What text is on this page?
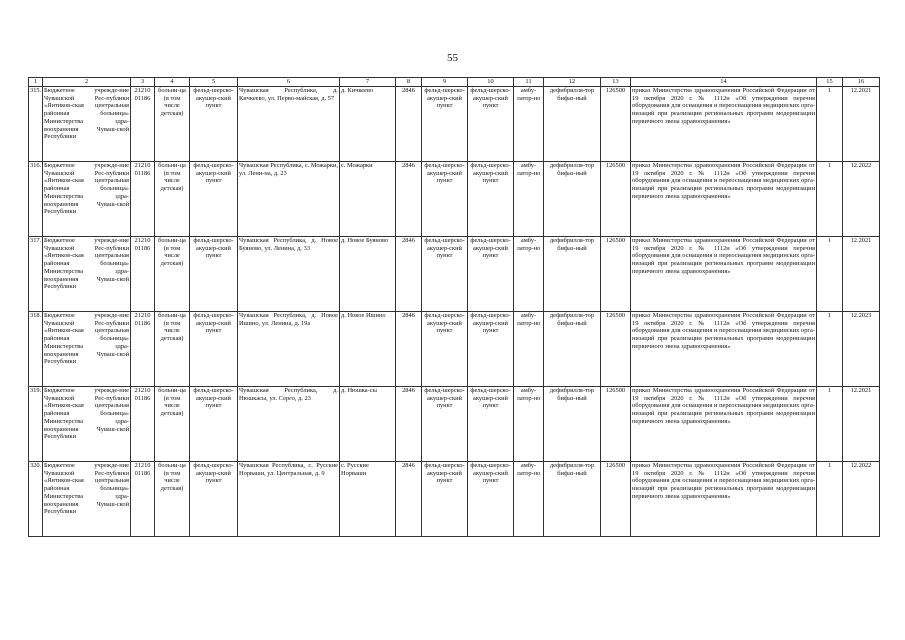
55
1	2	3	4	5	6	7	8	9	10	11	12	13	14	15	16
315.	Бюджетное учрежде-ние Чувашской Рес-публики «Янтиков-ская центральная районная больница» Министерства здра-воохранения Чуваш-ской Республики	21210 01186	больни-ца (в том числе детская)	фельд-шерско-акушер-ский пункт	Чувашская Республика, д. Кичкеево, ул. Перво-майская, д. 57	д. Кичкеево	2846	фельд-шерско-акушер-ский пункт	фельд-шерско-акушер-ский пункт	амбу-латор-но	дефибрилля-тор бифаз-ный	126500	приказ Министерства здравоохранения Российской Федерации от 19 октября 2020 г. № 1112н «Об утверждении перечня оборудования для оснащения и переоснащения медицинских орга-низаций при реализации региональных программ модернизации первичного звена здравоохранения»	1	12.2021
316.	Бюджетное учрежде-ние Чувашской Рес-публики «Янтиков-ская центральная районная больница» Министерства здра-воохранения Чуваш-ской Республики	21210 01186	больни-ца (в том числе детская)	фельд-шерско-акушер-ский пункт	Чувашская Республика, с. Можарки, ул. Лени-на, д. 23	с. Можарки	2846	фельд-шерско-акушер-ский пункт	фельд-шерско-акушер-ский пункт	амбу-латор-но	дефибрилля-тор бифаз-ный	126500	приказ Министерства здравоохранения Российской Федерации от 19 октября 2020 г. № 1112н «Об утверждении перечня оборудования для оснащения и переоснащения медицинских орга-низаций при реализации региональных программ модернизации первичного звена здравоохранения»	1	12.2022
317.	Бюджетное учрежде-ние Чувашской Рес-публики «Янтиков-ская центральная районная больница» Министерства здра-воохранения Чуваш-ской Республики	21210 01186	больни-ца (в том числе детская)	фельд-шерско-акушер-ский пункт	Чувашская Республика, д. Новое Буяново, ул. Ленина, д. 33	д. Новое Буяново	2846	фельд-шерско-акушер-ский пункт	фельд-шерско-акушер-ский пункт	амбу-латор-но	дефибрилля-тор бифаз-ный	126500	приказ Министерства здравоохранения Российской Федерации от 19 октября 2020 г. № 1112н «Об утверждении перечня оборудования для оснащения и переоснащения медицинских орга-низаций при реализации региональных программ модернизации первичного звена здравоохранения»	1	12.2021
318.	Бюджетное учрежде-ние Чувашской Рес-публики «Янтиков-ская центральная районная больница» Министерства здра-воохранения Чуваш-ской Республики	21210 01186	больни-ца (в том числе детская)	фельд-шерско-акушер-ский пункт	Чувашская Республика, д. Новое Ишино, ул. Ленина, д. 19а	д. Новое Ишино	2846	фельд-шерско-акушер-ский пункт	фельд-шерско-акушер-ский пункт	амбу-латор-но	дефибрилля-тор бифаз-ный	126500	приказ Министерства здравоохранения Российской Федерации от 19 октября 2020 г. № 1112н «Об утверждении перечня оборудования для оснащения и переоснащения медицинских орга-низаций при реализации региональных программ модернизации первичного звена здравоохранения»	1	12.2023
319.	Бюджетное учрежде-ние Чувашской Рес-публики «Янтиков-ская центральная районная больница» Министерства здра-воохранения Чуваш-ской Республики	21210 01186	больни-ца (в том числе детская)	фельд-шерско-акушер-ский пункт	Чувашская Республика, д. Нюшкасы, ул. Серго, д. 23	д. Нюшка-сы	2846	фельд-шерско-акушер-ский пункт	фельд-шерско-акушер-ский пункт	амбу-латор-но	дефибрилля-тор бифаз-ный	126500	приказ Министерства здравоохранения Российской Федерации от 19 октября 2020 г. № 1112н «Об утверждении перечня оборудования для оснащения и переоснащения медицинских орга-низаций при реализации региональных программ модернизации первичного звена здравоохранения»	1	12.2021
320.	Бюджетное учрежде-ние Чувашской Рес-публики «Янтиков-ская центральная районная больница» Министерства здра-воохранения Чуваш-ской Республики	21210 01186	больни-ца (в том числе детская)	фельд-шерско-акушер-ский пункт	Чувашская Республика, с. Русские Норваши, ул. Центральная, д. 9	с. Русские Норваши	2846	фельд-шерско-акушер-ский пункт	фельд-шерско-акушер-ский пункт	амбу-латор-но	дефибрилля-тор бифаз-ный	126500	приказ Министерства здравоохранения Российской Федерации от 19 октября 2020 г. № 1112н «Об утверждении перечня оборудования для оснащения и переоснащения медицинских орга-низаций при реализации региональных программ модернизации первичного звена здравоохранения»	1	12.2022
